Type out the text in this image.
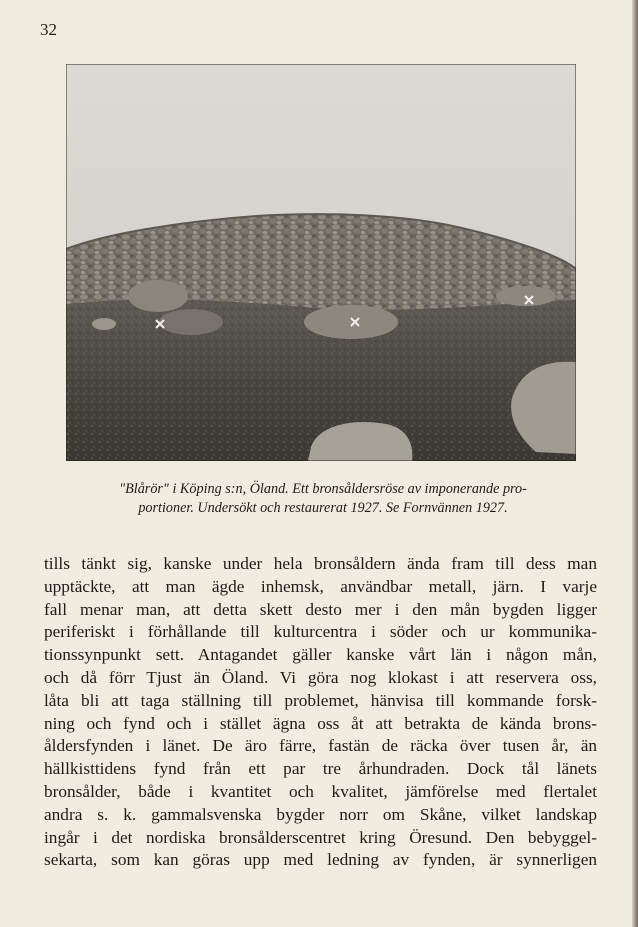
32
"Blårör" i Köping s:n, Öland. Ett bronsåldersröse av imponerande pro-
portioner. Undersökt och restaurerat 1927. Se Fornvännen 1927.
tills tänkt sig, kanske under hela bronsåldern ända fram till dess man
upptäckte, att man ägde inhemsk, användbar metall, järn. I varje
fall menar man, att detta skett desto mer i den mån bygden ligger
periferiskt i förhållande till kulturcentra i söder och ur kommunika-
tionssynpunkt sett. Antagandet gäller kanske vårt län i någon mån,
och då förr Tjust än Öland. Vi göra nog klokast i att reservera oss,
låta bli att taga ställning till problemet, hänvisa till kommande forsk-
ning och fynd och i stället ägna oss åt att betrakta de kända brons-
åldersfynden i länet. De äro färre, fastän de räcka över tusen år, än
hällkisttidens fynd från ett par tre århundraden. Dock tål länets
bronsålder, både i kvantitet och kvalitet, jämförelse med flertalet
andra s. k. gammalsvenska bygder norr om Skåne, vilket landskap
ingår i det nordiska bronsålderscentret kring Öresund. Den bebyggel-
sekarta, som kan göras upp med ledning av fynden, är synnerligen
